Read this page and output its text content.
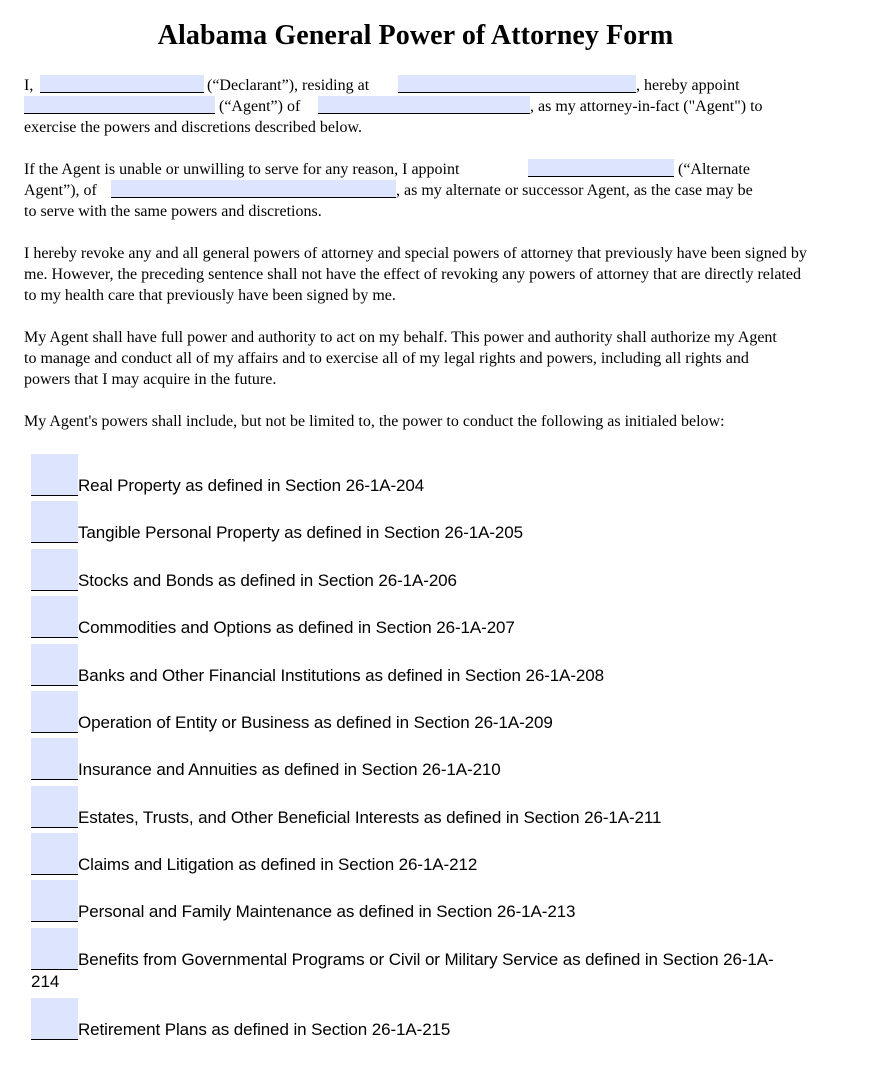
Alabama General Power of Attorney Form
I,	(“Declarant”), residing at	, hereby appoint
(“Agent”) of	, as my attorney-in-fact ("Agent") to
exercise the powers and discretions described below.
If the Agent is unable or unwilling to serve for any reason, I appoint	(“Alternate
Agent”), of	, as my alternate or successor Agent, as the case may be
to serve with the same powers and discretions.
I hereby revoke any and all general powers of attorney and special powers of attorney that previously have been signed by me. However, the preceding sentence shall not have the effect of revoking any powers of attorney that are directly related to my health care that previously have been signed by me.
My Agent shall have full power and authority to act on my behalf. This power and authority shall authorize my Agent to manage and conduct all of my affairs and to exercise all of my legal rights and powers, including all rights and powers that I may acquire in the future.
My Agent's powers shall include, but not be limited to, the power to conduct the following as initialed below:
Real Property as defined in Section 26-1A-204
Tangible Personal Property as defined in Section 26-1A-205
Stocks and Bonds as defined in Section 26-1A-206
Commodities and Options as defined in Section 26-1A-207
Banks and Other Financial Institutions as defined in Section 26-1A-208
Operation of Entity or Business as defined in Section 26-1A-209
Insurance and Annuities as defined in Section 26-1A-210
Estates, Trusts, and Other Beneficial Interests as defined in Section 26-1A-211
Claims and Litigation as defined in Section 26-1A-212
Personal and Family Maintenance as defined in Section 26-1A-213
Benefits from Governmental Programs or Civil or Military Service as defined in Section 26-1A-
214
Retirement Plans as defined in Section 26-1A-215
